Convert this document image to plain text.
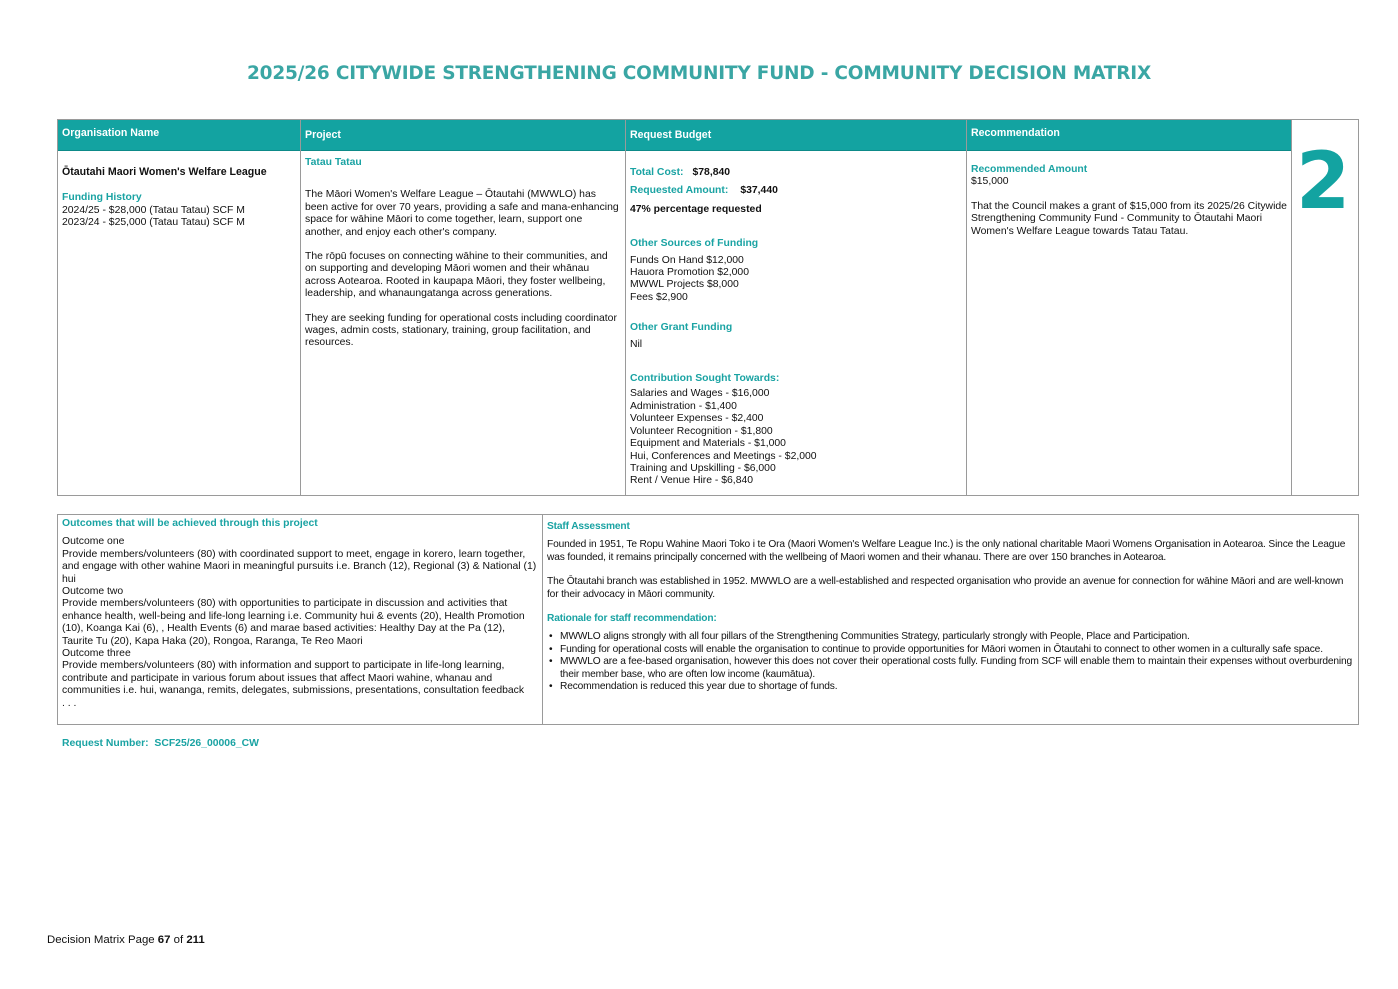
2025/26 CITYWIDE STRENGTHENING COMMUNITY FUND - COMMUNITY DECISION MATRIX
Organisation Name
Ōtautahi Maori Women's Welfare League
Funding History
2024/25 - $28,000 (Tatau Tatau) SCF M
2023/24 - $25,000 (Tatau Tatau) SCF M
Project
Tatau Tatau
The Māori Women's Welfare League – Ōtautahi (MWWLO) has been active for over 70 years, providing a safe and mana-enhancing space for wāhine Māori to come together, learn, support one another, and enjoy each other's company.
The rōpū focuses on connecting wāhine to their communities, and on supporting and developing Māori women and their whānau across Aotearoa. Rooted in kaupapa Māori, they foster wellbeing, leadership, and whanaungatanga across generations.
They are seeking funding for operational costs including coordinator wages, admin costs, stationary, training, group facilitation, and resources.
Request Budget
Total Cost: $78,840
Requested Amount: $37,440
47% percentage requested
Other Sources of Funding
Funds On Hand $12,000
Hauora Promotion $2,000
MWWL Projects $8,000
Fees $2,900
Other Grant Funding
Nil
Contribution Sought Towards:
Salaries and Wages - $16,000
Administration - $1,400
Volunteer Expenses - $2,400
Volunteer Recognition - $1,800
Equipment and Materials - $1,000
Hui, Conferences and Meetings - $2,000
Training and Upskilling - $6,000
Rent / Venue Hire - $6,840
Recommendation
Recommended Amount
$15,000
That the Council makes a grant of $15,000 from its 2025/26 Citywide Strengthening Community Fund - Community to Ōtautahi Maori Women's Welfare League towards Tatau Tatau.
2
Outcomes that will be achieved through this project
Outcome one
Provide members/volunteers (80) with coordinated support to meet, engage in korero, learn together, and engage with other wahine Maori in meaningful pursuits i.e. Branch (12), Regional (3) & National (1) hui
Outcome two
Provide members/volunteers (80) with opportunities to participate in discussion and activities that enhance health, well-being and life-long learning i.e. Community hui & events (20), Health Promotion (10), Koanga Kai (6), , Health Events (6) and marae based activities: Healthy Day at the Pa (12), Taurite Tu (20), Kapa Haka (20), Rongoa, Raranga, Te Reo Maori
Outcome three
Provide members/volunteers (80) with information and support to participate in life-long learning, contribute and participate in various forum about issues that affect Maori wahine, whanau and communities i.e. hui, wananga, remits, delegates, submissions, presentations, consultation feedback
. . .
Staff Assessment
Founded in 1951, Te Ropu Wahine Maori Toko i te Ora (Maori Women's Welfare League Inc.) is the only national charitable Maori Womens Organisation in Aotearoa. Since the League was founded, it remains principally concerned with the wellbeing of Maori women and their whanau. There are over 150 branches in Aotearoa.
The Ōtautahi branch was established in 1952. MWWLO are a well-established and respected organisation who provide an avenue for connection for wāhine Māori and are well-known for their advocacy in Māori community.
Rationale for staff recommendation:
• MWWLO aligns strongly with all four pillars of the Strengthening Communities Strategy, particularly strongly with People, Place and Participation.
• Funding for operational costs will enable the organisation to continue to provide opportunities for Māori women in Ōtautahi to connect to other women in a culturally safe space.
• MWWLO are a fee-based organisation, however this does not cover their operational costs fully. Funding from SCF will enable them to maintain their expenses without overburdening their member base, who are often low income (kaumātua).
• Recommendation is reduced this year due to shortage of funds.
Request Number: SCF25/26_00006_CW
Decision Matrix Page 67 of 211
